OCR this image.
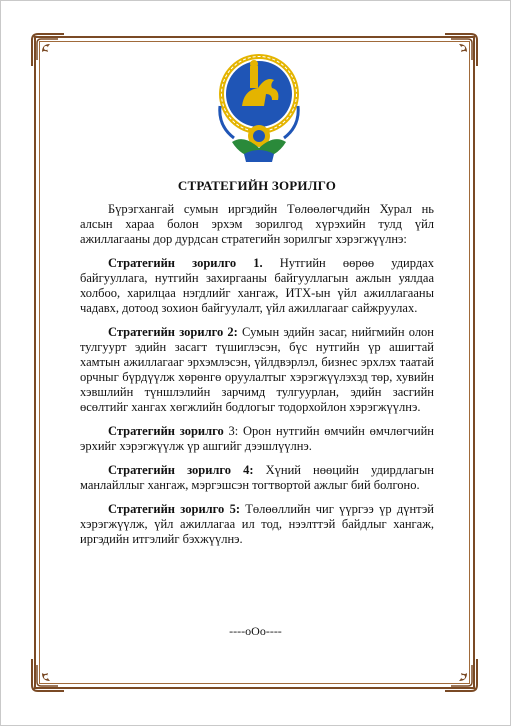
СТРАТЕГИЙН ЗОРИЛГО

Бүрэгхангай сумын иргэдийн Төлөөлөгчдийн Хурал нь алсын хараа болон эрхэм зорилгод хүрэхийн тулд үйл ажиллагааны дор дурдсан стратегийн зорилгыг хэрэгжүүлнэ:

Стратегийн зорилго 1. Нутгийн өөрөө удирдах байгууллага, нутгийн захиргааны байгууллагын ажлын уялдаа холбоо, харилцаа нэгдлийг хангаж, ИТХ-ын үйл ажиллагааны чадавх, дотоод зохион байгуулалт, үйл ажиллагааг сайжруулах.

Стратегийн зорилго 2: Сумын эдийн засаг, нийгмийн олон тулгуурт эдийн засагт түшиглэсэн, бүс нутгийн үр ашигтай хамтын ажиллагааг эрхэмлэсэн, үйлдвэрлэл, бизнес эрхлэх таатай орчныг бүрдүүлж хөрөнгө оруулалтыг хэрэгжүүлэхэд төр, хувийн хэвшлийн түншлэлийн зарчимд тулгуурлан, эдийн засгийн өсөлтийг хангах хөгжлийн бодлогыг тодорхойлон хэрэгжүүлнэ.

Стратегийн зорилго 3: Орон нутгийн өмчийн өмчлөгчийн эрхийг хэрэгжүүлж үр ашгийг дээшлүүлнэ.

Стратегийн зорилго 4: Хүний нөөцийн удирдлагын манлайллыг хангаж, мэргэшсэн тогтвортой ажлыг бий болгоно.

Стратегийн зорилго 5: Төлөөллийн чиг үүргээ үр дүнтэй хэрэгжүүлж, үйл ажиллагаа ил тод, нээлттэй байдлыг хангаж, иргэдийн итгэлийг бэхжүүлнэ.

----oOo----
